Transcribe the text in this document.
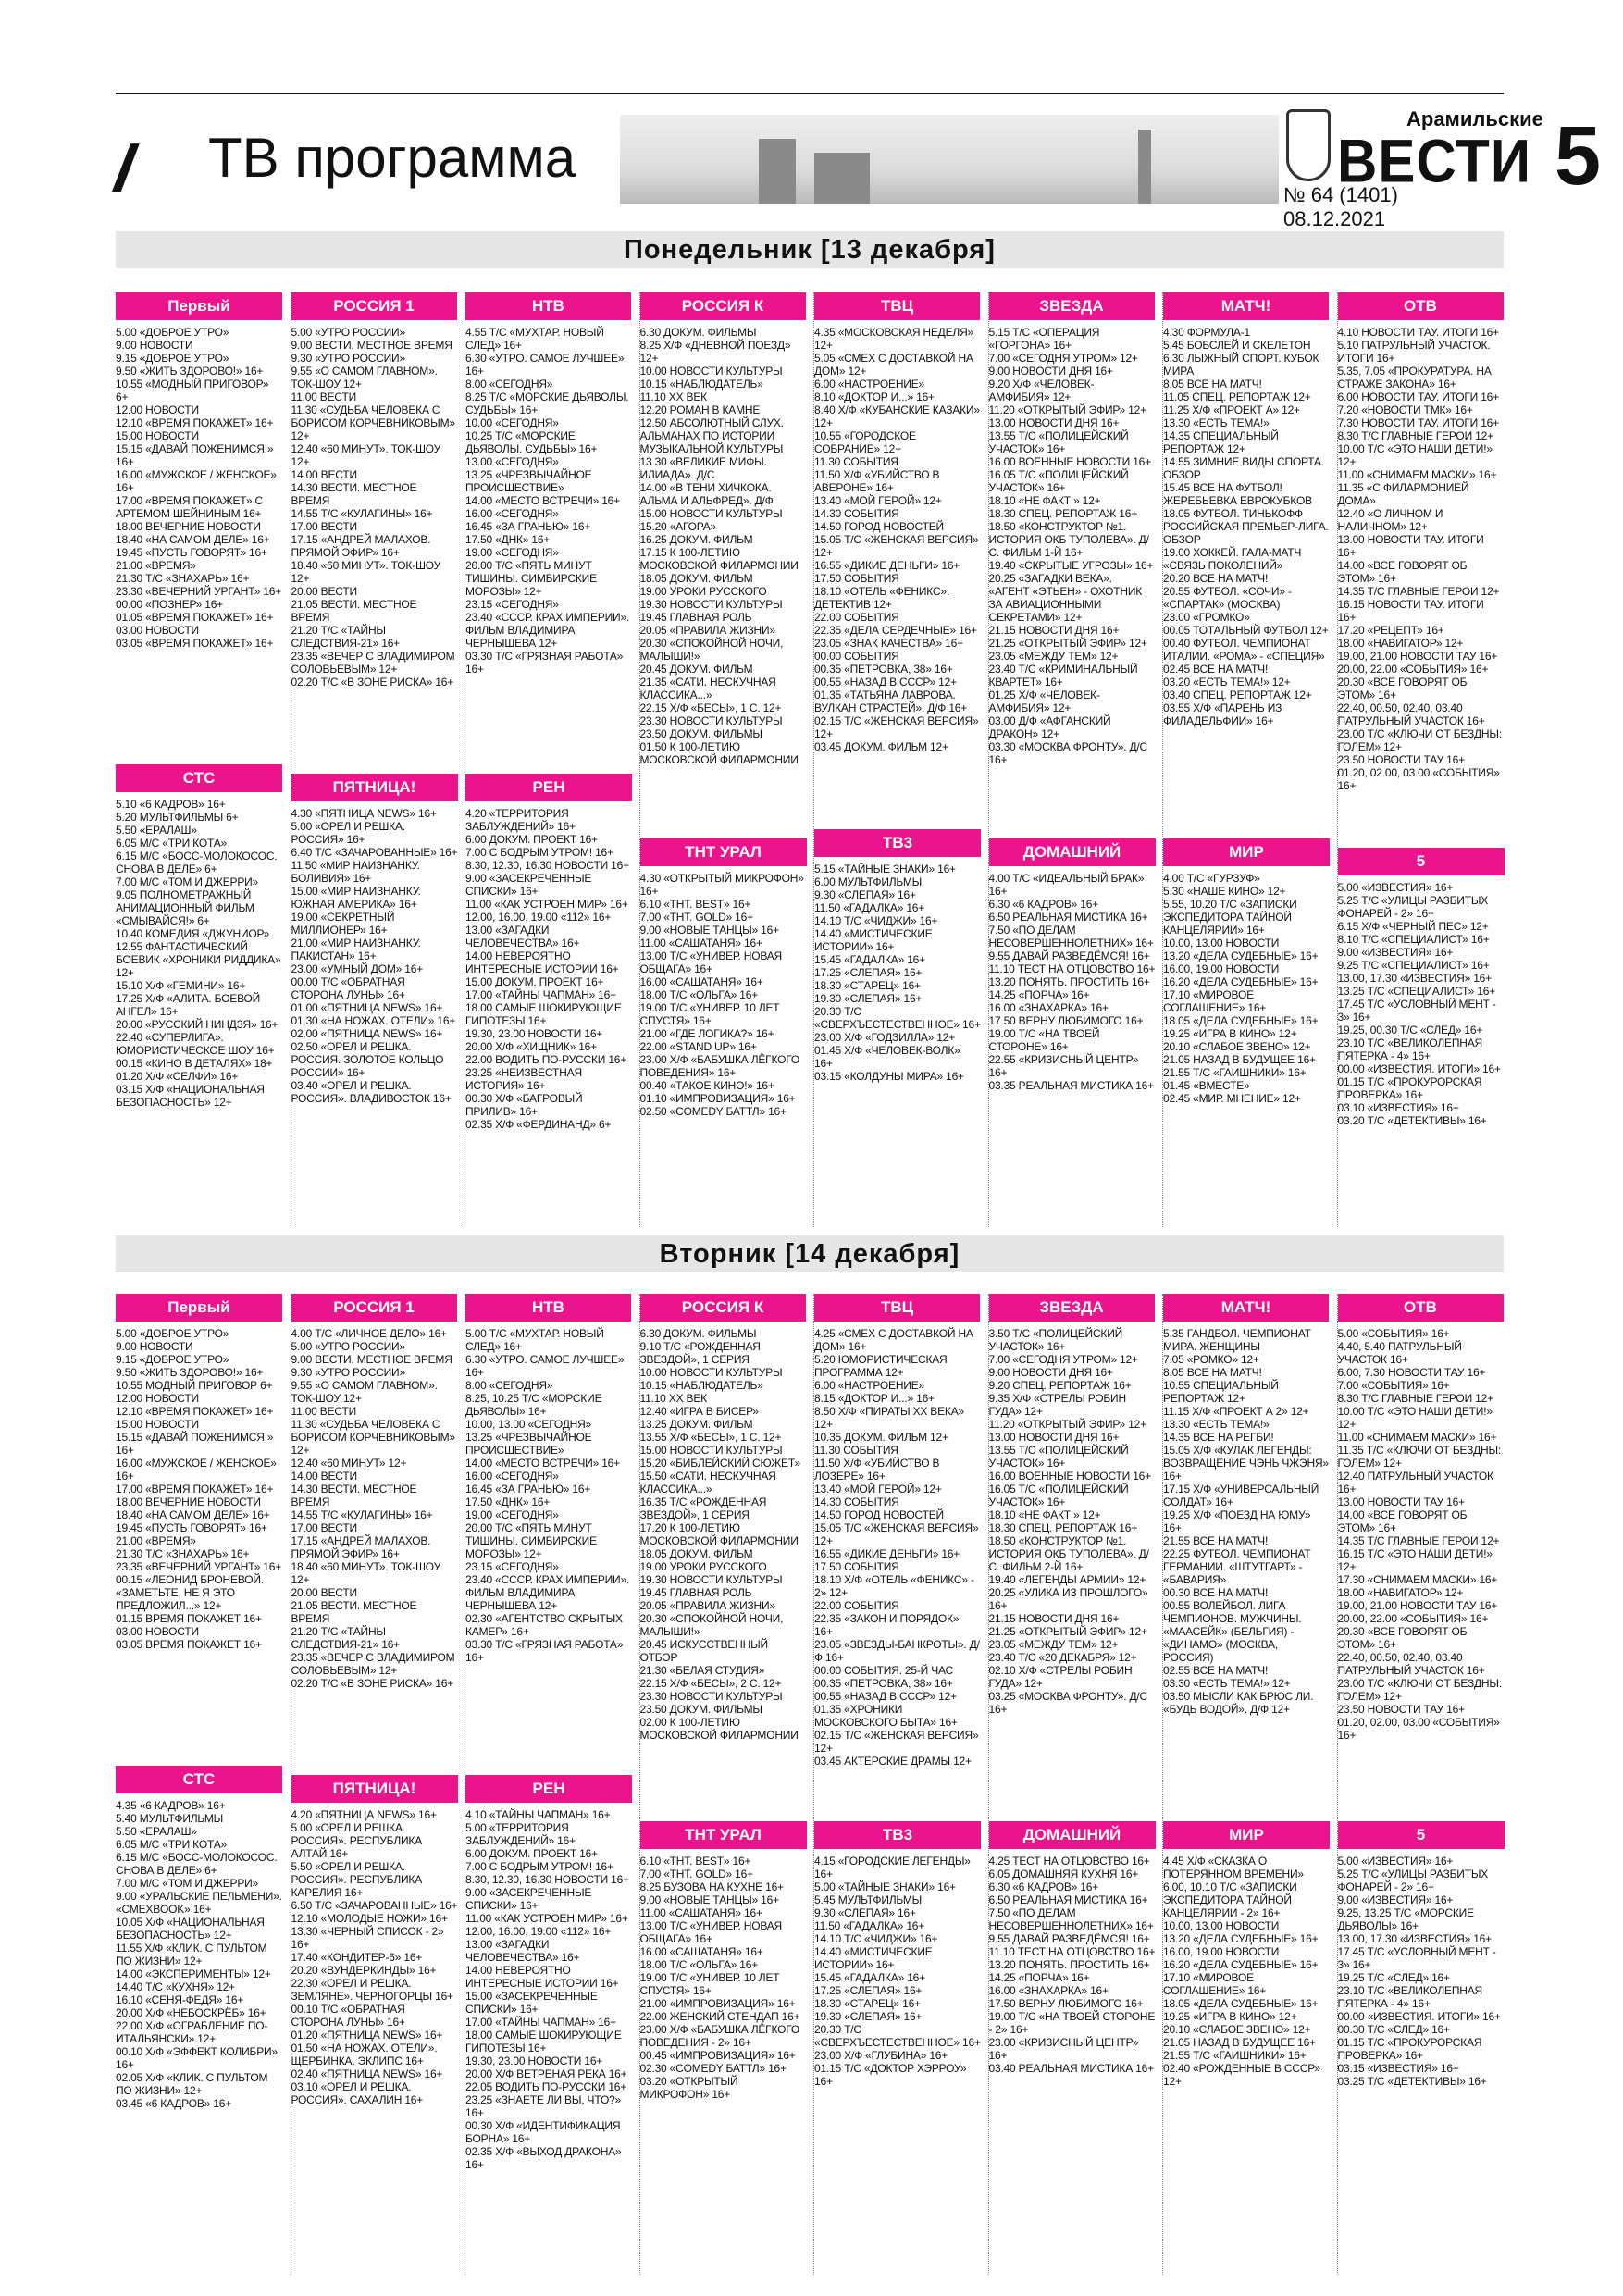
\\ ТВ программа
Арамильские
ВЕСТИ 5
№ 64 (1401) 08.12.2021
Понедельник [13 декабря]
Первый
5.00 «ДОБРОЕ УТРО»
9.00 НОВОСТИ
9.15 «ДОБРОЕ УТРО»
9.50 «ЖИТЬ ЗДОРОВО!» 16+
10.55 «МОДНЫЙ ПРИГОВОР» 6+
12.00 НОВОСТИ
12.10 «ВРЕМЯ ПОКАЖЕТ» 16+
15.00 НОВОСТИ
15.15 «ДАВАЙ ПОЖЕНИМСЯ!» 16+
16.00 «МУЖСКОЕ / ЖЕНСКОЕ» 16+
17.00 «ВРЕМЯ ПОКАЖЕТ» С АРТЕМОМ ШЕЙНИНЫМ 16+
18.00 ВЕЧЕРНИЕ НОВОСТИ
18.40 «НА САМОМ ДЕЛЕ» 16+
19.45 «ПУСТЬ ГОВОРЯТ» 16+
21.00 «ВРЕМЯ»
21.30 Т/С «ЗНАХАРЬ» 16+
23.30 «ВЕЧЕРНИЙ УРГАНТ» 16+
00.00 «ПОЗНЕР» 16+
01.05 «ВРЕМЯ ПОКАЖЕТ» 16+
03.00 НОВОСТИ
03.05 «ВРЕМЯ ПОКАЖЕТ» 16+
СТС
5.10 «6 КАДРОВ» 16+
5.20 МУЛЬТФИЛЬМЫ 6+
5.50 «ЕРАЛАШ»
6.05 М/С «ТРИ КОТА»
6.15 М/С «БОСС-МОЛОКОСОС. СНОВА В ДЕЛЕ» 6+
7.00 М/С «ТОМ И ДЖЕРРИ»
9.05 ПОЛНОМЕТРАЖНЫЙ АНИМАЦИОННЫЙ ФИЛЬМ «СМЫВАЙСЯ!» 6+
10.40 КОМЕДИЯ «ДЖУНИОР»
12.55 ФАНТАСТИЧЕСКИЙ БОЕВИК «ХРОНИКИ РИДДИКА» 12+
15.10 Х/Ф «ГЕМИНИ» 16+
17.25 Х/Ф «АЛИТА. БОЕВОЙ АНГЕЛ» 16+
20.00 «РУССКИЙ НИНДЗЯ» 16+
22.40 «СУПЕРЛИГА». ЮМОРИСТИЧЕСКОЕ ШОУ 16+
00.15 «КИНО В ДЕТАЛЯХ» 18+
01.20 Х/Ф «СЕЛФИ» 16+
03.15 Х/Ф «НАЦИОНАЛЬНАЯ БЕЗОПАСНОСТЬ» 12+
РОССИЯ 1
5.00 «УТРО РОССИИ»
9.00 ВЕСТИ. МЕСТНОЕ ВРЕМЯ
9.30 «УТРО РОССИИ»
9.55 «О САМОМ ГЛАВНОМ». ТОК-ШОУ 12+
11.00 ВЕСТИ
11.30 «СУДЬБА ЧЕЛОВЕКА С БОРИСОМ КОРЧЕВНИКОВЫМ» 12+
12.40 «60 МИНУТ». ТОК-ШОУ 12+
14.00 ВЕСТИ
14.30 ВЕСТИ. МЕСТНОЕ ВРЕМЯ
14.55 Т/С «КУЛАГИНЫ» 16+
17.00 ВЕСТИ
17.15 «АНДРЕЙ МАЛАХОВ. ПРЯМОЙ ЭФИР» 16+
18.40 «60 МИНУТ». ТОК-ШОУ 12+
20.00 ВЕСТИ
21.05 ВЕСТИ. МЕСТНОЕ ВРЕМЯ
21.20 Т/С «ТАЙНЫ СЛЕДСТВИЯ-21» 16+
23.35 «ВЕЧЕР С ВЛАДИМИРОМ СОЛОВЬЕВЫМ» 12+
02.20 Т/С «В ЗОНЕ РИСКА» 16+
ПЯТНИЦА!
4.30 «ПЯТНИЦА NEWS» 16+
5.00 «ОРЕЛ И РЕШКА. РОССИЯ» 16+
6.40 Т/С «ЗАЧАРОВАННЫЕ» 16+
11.50 «МИР НАИЗНАНКУ. БОЛИВИЯ» 16+
15.00 «МИР НАИЗНАНКУ. ЮЖНАЯ АМЕРИКА» 16+
19.00 «СЕКРЕТНЫЙ МИЛЛИОНЕР» 16+
21.00 «МИР НАИЗНАНКУ. ПАКИСТАН» 16+
23.00 «УМНЫЙ ДОМ» 16+
00.00 Т/С «ОБРАТНАЯ СТОРОНА ЛУНЫ» 16+
01.00 «ПЯТНИЦА NEWS» 16+
01.30 «НА НОЖАХ. ОТЕЛИ» 16+
02.00 «ПЯТНИЦА NEWS» 16+
02.50 «ОРЕЛ И РЕШКА. РОССИЯ. ЗОЛОТОЕ КОЛЬЦО РОССИИ» 16+
03.40 «ОРЕЛ И РЕШКА. РОССИЯ». ВЛАДИВОСТОК 16+
НТВ
4.55 Т/С «МУХТАР. НОВЫЙ СЛЕД» 16+
6.30 «УТРО. САМОЕ ЛУЧШЕЕ» 16+
8.00 «СЕГОДНЯ»
8.25 Т/С «МОРСКИЕ ДЬЯВОЛЫ. СУДЬБЫ» 16+
10.00 «СЕГОДНЯ»
10.25 Т/С «МОРСКИЕ ДЬЯВОЛЫ. СУДЬБЫ» 16+
13.00 «СЕГОДНЯ»
13.25 «ЧРЕЗВЫЧАЙНОЕ ПРОИСШЕСТВИЕ»
14.00 «МЕСТО ВСТРЕЧИ» 16+
16.00 «СЕГОДНЯ»
16.45 «ЗА ГРАНЬЮ» 16+
17.50 «ДНК» 16+
19.00 «СЕГОДНЯ»
20.00 Т/С «ПЯТЬ МИНУТ ТИШИНЫ. СИМБИРСКИЕ МОРОЗЫ» 12+
23.15 «СЕГОДНЯ»
23.40 «СССР. КРАХ ИМПЕРИИ». ФИЛЬМ ВЛАДИМИРА ЧЕРНЫШЕВА 12+
03.30 Т/С «ГРЯЗНАЯ РАБОТА» 16+
РЕН
4.20 «ТЕРРИТОРИЯ ЗАБЛУЖДЕНИЙ» 16+
6.00 ДОКУМ. ПРОЕКТ 16+
7.00 С БОДРЫМ УТРОМ! 16+
8.30, 12.30, 16.30 НОВОСТИ 16+
9.00 «ЗАСЕКРЕЧЕННЫЕ СПИСКИ» 16+
11.00 «КАК УСТРОЕН МИР» 16+
12.00, 16.00, 19.00 «112» 16+
13.00 «ЗАГАДКИ ЧЕЛОВЕЧЕСТВА» 16+
14.00 НЕВЕРОЯТНО ИНТЕРЕСНЫЕ ИСТОРИИ 16+
15.00 ДОКУМ. ПРОЕКТ 16+
17.00 «ТАЙНЫ ЧАПМАН» 16+
18.00 САМЫЕ ШОКИРУЮЩИЕ ГИПОТЕЗЫ 16+
19.30, 23.00 НОВОСТИ 16+
20.00 Х/Ф «ХИЩНИК» 16+
22.00 ВОДИТЬ ПО-РУССКИ 16+
23.25 «НЕИЗВЕСТНАЯ ИСТОРИЯ» 16+
00.30 Х/Ф «БАГРОВЫЙ ПРИЛИВ» 16+
02.35 Х/Ф «ФЕРДИНАНД» 6+
РОССИЯ К
6.30 ДОКУМ. ФИЛЬМЫ
8.25 Х/Ф «ДНЕВНОЙ ПОЕЗД» 12+
10.00 НОВОСТИ КУЛЬТУРЫ
10.15 «НАБЛЮДАТЕЛЬ»
11.10 ХХ ВЕК
12.20 РОМАН В КАМНЕ
12.50 АБСОЛЮТНЫЙ СЛУХ. АЛЬМАНАХ ПО ИСТОРИИ МУЗЫКАЛЬНОЙ КУЛЬТУРЫ
13.30 «ВЕЛИКИЕ МИФЫ. ИЛИАДА». Д/С
14.00 «В ТЕНИ ХИЧКОКА. АЛЬМА И АЛЬФРЕД». Д/Ф
15.00 НОВОСТИ КУЛЬТУРЫ
15.20 «АГОРА»
16.25 ДОКУМ. ФИЛЬМ
17.15 К 100-ЛЕТИЮ МОСКОВСКОЙ ФИЛАРМОНИИ
18.05 ДОКУМ. ФИЛЬМ
19.00 УРОКИ РУССКОГО
19.30 НОВОСТИ КУЛЬТУРЫ
19.45 ГЛАВНАЯ РОЛЬ
20.05 «ПРАВИЛА ЖИЗНИ»
20.30 «СПОКОЙНОЙ НОЧИ, МАЛЫШИ!»
20.45 ДОКУМ. ФИЛЬМ
21.35 «САТИ. НЕСКУЧНАЯ КЛАССИКА...»
22.15 Х/Ф «БЕСЫ», 1 С. 12+
23.30 НОВОСТИ КУЛЬТУРЫ
23.50 ДОКУМ. ФИЛЬМЫ
01.50 К 100-ЛЕТИЮ МОСКОВСКОЙ ФИЛАРМОНИИ
ТНТ УРАЛ
4.30 «ОТКРЫТЫЙ МИКРОФОН» 16+
6.10 «ТНТ. BEST» 16+
7.00 «ТНТ. GOLD» 16+
9.00 «НОВЫЕ ТАНЦЫ» 16+
11.00 «САШАТАНЯ» 16+
13.00 Т/С «УНИВЕР. НОВАЯ ОБЩАГА» 16+
16.00 «САШАТАНЯ» 16+
18.00 Т/С «ОЛЬГА» 16+
19.00 Т/С «УНИВЕР. 10 ЛЕТ СПУСТЯ» 16+
21.00 «ГДЕ ЛОГИКА?» 16+
22.00 «STAND UP» 16+
23.00 Х/Ф «БАБУШКА ЛЁГКОГО ПОВЕДЕНИЯ» 16+
00.40 «ТАКОЕ КИНО!» 16+
01.10 «ИМПРОВИЗАЦИЯ» 16+
02.50 «COMEDY БАТТЛ» 16+
ТВЦ
4.35 «МОСКОВСКАЯ НЕДЕЛЯ» 12+
5.05 «СМЕХ С ДОСТАВКОЙ НА ДОМ» 12+
6.00 «НАСТРОЕНИЕ»
8.10 «ДОКТОР И...» 16+
8.40 Х/Ф «КУБАНСКИЕ КАЗАКИ» 12+
10.55 «ГОРОДСКОЕ СОБРАНИЕ» 12+
11.30 СОБЫТИЯ
11.50 Х/Ф «УБИЙСТВО В АВЕРОНЕ» 16+
13.40 «МОЙ ГЕРОЙ» 12+
14.30 СОБЫТИЯ
14.50 ГОРОД НОВОСТЕЙ
15.05 Т/С «ЖЕНСКАЯ ВЕРСИЯ» 12+
16.55 «ДИКИЕ ДЕНЬГИ» 16+
17.50 СОБЫТИЯ
18.10 «ОТЕЛЬ «ФЕНИКС». ДЕТЕКТИВ 12+
22.00 СОБЫТИЯ
22.35 «ДЕЛА СЕРДЕЧНЫЕ» 16+
23.05 «ЗНАК КАЧЕСТВА» 16+
00.00 СОБЫТИЯ
00.35 «ПЕТРОВКА, 38» 16+
00.55 «НАЗАД В СССР» 12+
01.35 «ТАТЬЯНА ЛАВРОВА. ВУЛКАН СТРАСТЕЙ». Д/Ф 16+
02.15 Т/С «ЖЕНСКАЯ ВЕРСИЯ» 12+
03.45 ДОКУМ. ФИЛЬМ 12+
ТВ3
5.15 «ТАЙНЫЕ ЗНАКИ» 16+
6.00 МУЛЬТФИЛЬМЫ
9.30 «СЛЕПАЯ» 16+
11.50 «ГАДАЛКА» 16+
14.10 Т/С «ЧИДЖИ» 16+
14.40 «МИСТИЧЕСКИЕ ИСТОРИИ» 16+
15.45 «ГАДАЛКА» 16+
17.25 «СЛЕПАЯ» 16+
18.30 «СТАРЕЦ» 16+
19.30 «СЛЕПАЯ» 16+
20.30 Т/С «СВЕРХЪЕСТЕСТВЕННОЕ» 16+
23.00 Х/Ф «ГОДЗИЛЛА» 12+
01.45 Х/Ф «ЧЕЛОВЕК-ВОЛК» 16+
03.15 «КОЛДУНЫ МИРА» 16+
ЗВЕЗДА
5.15 Т/С «ОПЕРАЦИЯ «ГОРГОНА» 16+
7.00 «СЕГОДНЯ УТРОМ» 12+
9.00 НОВОСТИ ДНЯ 16+
9.20 Х/Ф «ЧЕЛОВЕК-АМФИБИЯ» 12+
11.20 «ОТКРЫТЫЙ ЭФИР» 12+
13.00 НОВОСТИ ДНЯ 16+
13.55 Т/С «ПОЛИЦЕЙСКИЙ УЧАСТОК» 16+
16.00 ВОЕННЫЕ НОВОСТИ 16+
16.05 Т/С «ПОЛИЦЕЙСКИЙ УЧАСТОК» 16+
18.10 «НЕ ФАКТ!» 12+
18.30 СПЕЦ. РЕПОРТАЖ 16+
18.50 «КОНСТРУКТОР №1. ИСТОРИЯ ОКБ ТУПОЛЕВА». Д/С. ФИЛЬМ 1-Й 16+
19.40 «СКРЫТЫЕ УГРОЗЫ» 16+
20.25 «ЗАГАДКИ ВЕКА». «АГЕНТ «ЭТЬЕН» - ОХОТНИК ЗА АВИАЦИОННЫМИ СЕКРЕТАМИ» 12+
21.15 НОВОСТИ ДНЯ 16+
21.25 «ОТКРЫТЫЙ ЭФИР» 12+
23.05 «МЕЖДУ ТЕМ» 12+
23.40 Т/С «КРИМИНАЛЬНЫЙ КВАРТЕТ» 16+
01.25 Х/Ф «ЧЕЛОВЕК-АМФИБИЯ» 12+
03.00 Д/Ф «АФГАНСКИЙ ДРАКОН» 12+
03.30 «МОСКВА ФРОНТУ». Д/С 16+
ДОМАШНИЙ
4.00 Т/С «ИДЕАЛЬНЫЙ БРАК» 16+
6.30 «6 КАДРОВ» 16+
6.50 РЕАЛЬНАЯ МИСТИКА 16+
7.50 «ПО ДЕЛАМ НЕСОВЕРШЕННОЛЕТНИХ» 16+
9.55 ДАВАЙ РАЗВЕДЁМСЯ! 16+
11.10 ТЕСТ НА ОТЦОВСТВО 16+
13.20 ПОНЯТЬ. ПРОСТИТЬ 16+
14.25 «ПОРЧА» 16+
16.00 «ЗНАХАРКА» 16+
17.50 ВЕРНУ ЛЮБИМОГО 16+
19.00 Т/С «НА ТВОЕЙ СТОРОНЕ» 16+
22.55 «КРИЗИСНЫЙ ЦЕНТР» 16+
03.35 РЕАЛЬНАЯ МИСТИКА 16+
МАТЧ!
4.30 ФОРМУЛА-1
5.45 БОБСЛЕЙ И СКЕЛЕТОН
6.30 ЛЫЖНЫЙ СПОРТ. КУБОК МИРА
8.05 ВСЕ НА МАТЧ!
11.05 СПЕЦ. РЕПОРТАЖ 12+
11.25 Х/Ф «ПРОЕКТ А» 12+
13.30 «ЕСТЬ ТЕМА!»
14.35 СПЕЦИАЛЬНЫЙ РЕПОРТАЖ 12+
14.55 ЗИМНИЕ ВИДЫ СПОРТА. ОБЗОР
15.45 ВСЕ НА ФУТБОЛ! ЖЕРЕБЬЕВКА ЕВРОКУБКОВ
18.05 ФУТБОЛ. ТИНЬКОФФ РОССИЙСКАЯ ПРЕМЬЕР-ЛИГА. ОБЗОР
19.00 ХОККЕЙ. ГАЛА-МАТЧ «СВЯЗЬ ПОКОЛЕНИЙ»
20.20 ВСЕ НА МАТЧ!
20.55 ФУТБОЛ. «СОЧИ» - «СПАРТАК» (МОСКВА)
23.00 «ГРОМКО»
00.05 ТОТАЛЬНЫЙ ФУТБОЛ 12+
00.40 ФУТБОЛ. ЧЕМПИОНАТ ИТАЛИИ. «РОМА» - «СПЕЦИЯ»
02.45 ВСЕ НА МАТЧ!
03.20 «ЕСТЬ ТЕМА!» 12+
03.40 СПЕЦ. РЕПОРТАЖ 12+
03.55 Х/Ф «ПАРЕНЬ ИЗ ФИЛАДЕЛЬФИИ» 16+
МИР
4.00 Т/С «ГУРЗУФ»
5.30 «НАШЕ КИНО» 12+
5.55, 10.20 Т/С «ЗАПИСКИ ЭКСПЕДИТОРА ТАЙНОЙ КАНЦЕЛЯРИИ» 16+
10.00, 13.00 НОВОСТИ
13.20 «ДЕЛА СУДЕБНЫЕ» 16+
16.00, 19.00 НОВОСТИ
16.20 «ДЕЛА СУДЕБНЫЕ» 16+
17.10 «МИРОВОЕ СОГЛАШЕНИЕ» 16+
18.05 «ДЕЛА СУДЕБНЫЕ» 16+
19.25 «ИГРА В КИНО» 12+
20.10 «СЛАБОЕ ЗВЕНО» 12+
21.05 НАЗАД В БУДУЩЕЕ 16+
21.55 Т/С «ГАИШНИКИ» 16+
01.45 «ВМЕСТЕ»
02.45 «МИР. МНЕНИЕ» 12+
ОТВ
4.10 НОВОСТИ ТАУ. ИТОГИ 16+
5.10 ПАТРУЛЬНЫЙ УЧАСТОК. ИТОГИ 16+
5.35, 7.05 «ПРОКУРАТУРА. НА СТРАЖЕ ЗАКОНА» 16+
6.00 НОВОСТИ ТАУ. ИТОГИ 16+
7.20 «НОВОСТИ ТМК» 16+
7.30 НОВОСТИ ТАУ. ИТОГИ 16+
8.30 Т/С ГЛАВНЫЕ ГЕРОИ 12+
10.00 Т/С «ЭТО НАШИ ДЕТИ!» 12+
11.00 «СНИМАЕМ МАСКИ» 16+
11.35 «С ФИЛАРМОНИЕЙ ДОМА»
12.40 «О ЛИЧНОМ И НАЛИЧНОМ» 12+
13.00 НОВОСТИ ТАУ. ИТОГИ 16+
14.00 «ВСЕ ГОВОРЯТ ОБ ЭТОМ» 16+
14.35 Т/С ГЛАВНЫЕ ГЕРОИ 12+
16.15 НОВОСТИ ТАУ. ИТОГИ 16+
17.20 «РЕЦЕПТ» 16+
18.00 «НАВИГАТОР» 12+
19.00, 21.00 НОВОСТИ ТАУ 16+
20.00, 22.00 «СОБЫТИЯ» 16+
20.30 «ВСЕ ГОВОРЯТ ОБ ЭТОМ» 16+
22.40, 00.50, 02.40, 03.40 ПАТРУЛЬНЫЙ УЧАСТОК 16+
23.00 Т/С «КЛЮЧИ ОТ БЕЗДНЫ: ГОЛЕМ» 12+
23.50 НОВОСТИ ТАУ 16+
01.20, 02.00, 03.00 «СОБЫТИЯ» 16+
5
5.00 «ИЗВЕСТИЯ» 16+
5.25 Т/С «УЛИЦЫ РАЗБИТЫХ ФОНАРЕЙ - 2» 16+
6.15 Х/Ф «ЧЕРНЫЙ ПЕС» 12+
8.10 Т/С «СПЕЦИАЛИСТ» 16+
9.00 «ИЗВЕСТИЯ» 16+
9.25 Т/С «СПЕЦИАЛИСТ» 16+
13.00, 17.30 «ИЗВЕСТИЯ» 16+
13.25 Т/С «СПЕЦИАЛИСТ» 16+
17.45 Т/С «УСЛОВНЫЙ МЕНТ - 3» 16+
19.25, 00.30 Т/С «СЛЕД» 16+
23.10 Т/С «ВЕЛИКОЛЕПНАЯ ПЯТЕРКА - 4» 16+
00.00 «ИЗВЕСТИЯ. ИТОГИ» 16+
01.15 Т/С «ПРОКУРОРСКАЯ ПРОВЕРКА» 16+
03.10 «ИЗВЕСТИЯ» 16+
03.20 Т/С «ДЕТЕКТИВЫ» 16+
Вторник [14 декабря]
Первый
5.00 «ДОБРОЕ УТРО»
9.00 НОВОСТИ
9.15 «ДОБРОЕ УТРО»
9.50 «ЖИТЬ ЗДОРОВО!» 16+
10.55 МОДНЫЙ ПРИГОВОР 6+
12.00 НОВОСТИ
12.10 «ВРЕМЯ ПОКАЖЕТ» 16+
15.00 НОВОСТИ
15.15 «ДАВАЙ ПОЖЕНИМСЯ!» 16+
16.00 «МУЖСКОЕ / ЖЕНСКОЕ» 16+
17.00 «ВРЕМЯ ПОКАЖЕТ» 16+
18.00 ВЕЧЕРНИЕ НОВОСТИ
18.40 «НА САМОМ ДЕЛЕ» 16+
19.45 «ПУСТЬ ГОВОРЯТ» 16+
21.00 «ВРЕМЯ»
21.30 Т/С «ЗНАХАРЬ» 16+
23.35 «ВЕЧЕРНИЙ УРГАНТ» 16+
00.15 «ЛЕОНИД БРОНЕВОЙ. «ЗАМЕТЬТЕ, НЕ Я ЭТО ПРЕДЛОЖИЛ...» 12+
01.15 ВРЕМЯ ПОКАЖЕТ 16+
03.00 НОВОСТИ
03.05 ВРЕМЯ ПОКАЖЕТ 16+
СТС
4.35 «6 КАДРОВ» 16+
5.40 МУЛЬТФИЛЬМЫ
5.50 «ЕРАЛАШ»
6.05 М/С «ТРИ КОТА»
6.15 М/С «БОСС-МОЛОКОСОС. СНОВА В ДЕЛЕ» 6+
7.00 М/С «ТОМ И ДЖЕРРИ»
9.00 «УРАЛЬСКИЕ ПЕЛЬМЕНИ». «СМЕХBOOK» 16+
10.05 Х/Ф «НАЦИОНАЛЬНАЯ БЕЗОПАСНОСТЬ» 12+
11.55 Х/Ф «КЛИК. С ПУЛЬТОМ ПО ЖИЗНИ» 12+
14.00 «ЭКСПЕРИМЕНТЫ» 12+
14.40 Т/С «КУХНЯ» 12+
16.10 «СЕНЯ-ФЕДЯ» 16+
20.00 Х/Ф «НЕБОСКРЁБ» 16+
22.00 Х/Ф «ОГРАБЛЕНИЕ ПО-ИТАЛЬЯНСКИ» 12+
00.10 Х/Ф «ЭФФЕКТ КОЛИБРИ» 16+
02.05 Х/Ф «КЛИК. С ПУЛЬТОМ ПО ЖИЗНИ» 12+
03.45 «6 КАДРОВ» 16+
РОССИЯ 1
4.00 Т/С «ЛИЧНОЕ ДЕЛО» 16+
5.00 «УТРО РОССИИ»
9.00 ВЕСТИ. МЕСТНОЕ ВРЕМЯ
9.30 «УТРО РОССИИ»
9.55 «О САМОМ ГЛАВНОМ». ТОК-ШОУ 12+
11.00 ВЕСТИ
11.30 «СУДЬБА ЧЕЛОВЕКА С БОРИСОМ КОРЧЕВНИКОВЫМ» 12+
12.40 «60 МИНУТ» 12+
14.00 ВЕСТИ
14.30 ВЕСТИ. МЕСТНОЕ ВРЕМЯ
14.55 Т/С «КУЛАГИНЫ» 16+
17.00 ВЕСТИ
17.15 «АНДРЕЙ МАЛАХОВ. ПРЯМОЙ ЭФИР» 16+
18.40 «60 МИНУТ». ТОК-ШОУ 12+
20.00 ВЕСТИ
21.05 ВЕСТИ. МЕСТНОЕ ВРЕМЯ
21.20 Т/С «ТАЙНЫ СЛЕДСТВИЯ-21» 16+
23.35 «ВЕЧЕР С ВЛАДИМИРОМ СОЛОВЬЕВЫМ» 12+
02.20 Т/С «В ЗОНЕ РИСКА» 16+
ПЯТНИЦА!
4.20 «ПЯТНИЦА NEWS» 16+
5.00 «ОРЕЛ И РЕШКА. РОССИЯ». РЕСПУБЛИКА АЛТАЙ 16+
5.50 «ОРЕЛ И РЕШКА. РОССИЯ». РЕСПУБЛИКА КАРЕЛИЯ 16+
6.50 Т/С «ЗАЧАРОВАННЫЕ» 16+
12.10 «МОЛОДЫЕ НОЖИ» 16+
13.30 «ЧЕРНЫЙ СПИСОК - 2» 16+
17.40 «КОНДИТЕР-6» 16+
20.20 «ВУНДЕРКИНДЫ» 16+
22.30 «ОРЕЛ И РЕШКА. ЗЕМЛЯНЕ». ЧЕРНОГОРЦЫ 16+
00.10 Т/С «ОБРАТНАЯ СТОРОНА ЛУНЫ» 16+
01.20 «ПЯТНИЦА NEWS» 16+
01.50 «НА НОЖАХ. ОТЕЛИ». ЩЕРБИНКА. ЭКЛИПС 16+
02.40 «ПЯТНИЦА NEWS» 16+
03.10 «ОРЕЛ И РЕШКА. РОССИЯ». САХАЛИН 16+
НТВ
5.00 Т/С «МУХТАР. НОВЫЙ СЛЕД» 16+
6.30 «УТРО. САМОЕ ЛУЧШЕЕ» 16+
8.00 «СЕГОДНЯ»
8.25, 10.25 Т/С «МОРСКИЕ ДЬЯВОЛЫ» 16+
10.00, 13.00 «СЕГОДНЯ»
13.25 «ЧРЕЗВЫЧАЙНОЕ ПРОИСШЕСТВИЕ»
14.00 «МЕСТО ВСТРЕЧИ» 16+
16.00 «СЕГОДНЯ»
16.45 «ЗА ГРАНЬЮ» 16+
17.50 «ДНК» 16+
19.00 «СЕГОДНЯ»
20.00 Т/С «ПЯТЬ МИНУТ ТИШИНЫ. СИМБИРСКИЕ МОРОЗЫ» 12+
23.15 «СЕГОДНЯ»
23.40 «СССР. КРАХ ИМПЕРИИ». ФИЛЬМ ВЛАДИМИРА ЧЕРНЫШЕВА 12+
02.30 «АГЕНТСТВО СКРЫТЫХ КАМЕР» 16+
03.30 Т/С «ГРЯЗНАЯ РАБОТА» 16+
РЕН
4.10 «ТАЙНЫ ЧАПМАН» 16+
5.00 «ТЕРРИТОРИЯ ЗАБЛУЖДЕНИЙ» 16+
6.00 ДОКУМ. ПРОЕКТ 16+
7.00 С БОДРЫМ УТРОМ! 16+
8.30, 12.30, 16.30 НОВОСТИ 16+
9.00 «ЗАСЕКРЕЧЕННЫЕ СПИСКИ» 16+
11.00 «КАК УСТРОЕН МИР» 16+
12.00, 16.00, 19.00 «112» 16+
13.00 «ЗАГАДКИ ЧЕЛОВЕЧЕСТВА» 16+
14.00 НЕВЕРОЯТНО ИНТЕРЕСНЫЕ ИСТОРИИ 16+
15.00 «ЗАСЕКРЕЧЕННЫЕ СПИСКИ» 16+
17.00 «ТАЙНЫ ЧАПМАН» 16+
18.00 САМЫЕ ШОКИРУЮЩИЕ ГИПОТЕЗЫ 16+
19.30, 23.00 НОВОСТИ 16+
20.00 Х/Ф ВЕТРЕНАЯ РЕКА 16+
22.05 ВОДИТЬ ПО-РУССКИ 16+
23.25 «ЗНАЕТЕ ЛИ ВЫ, ЧТО?» 16+
00.30 Х/Ф «ИДЕНТИФИКАЦИЯ БОРНА» 16+
02.35 Х/Ф «ВЫХОД ДРАКОНА» 16+
РОССИЯ К
6.30 ДОКУМ. ФИЛЬМЫ
9.10 Т/С «РОЖДЕННАЯ ЗВЕЗДОЙ», 1 СЕРИЯ
10.00 НОВОСТИ КУЛЬТУРЫ
10.15 «НАБЛЮДАТЕЛЬ»
11.10 ХХ ВЕК
12.40 «ИГРА В БИСЕР»
13.25 ДОКУМ. ФИЛЬМ
13.55 Х/Ф «БЕСЫ», 1 С. 12+
15.00 НОВОСТИ КУЛЬТУРЫ
15.20 «БИБЛЕЙСКИЙ СЮЖЕТ»
15.50 «САТИ. НЕСКУЧНАЯ КЛАССИКА...»
16.35 Т/С «РОЖДЕННАЯ ЗВЕЗДОЙ», 1 СЕРИЯ
17.20 К 100-ЛЕТИЮ МОСКОВСКОЙ ФИЛАРМОНИИ
18.05 ДОКУМ. ФИЛЬМ
19.00 УРОКИ РУССКОГО
19.30 НОВОСТИ КУЛЬТУРЫ
19.45 ГЛАВНАЯ РОЛЬ
20.05 «ПРАВИЛА ЖИЗНИ»
20.30 «СПОКОЙНОЙ НОЧИ, МАЛЫШИ!»
20.45 ИСКУССТВЕННЫЙ ОТБОР
21.30 «БЕЛАЯ СТУДИЯ»
22.15 Х/Ф «БЕСЫ», 2 С. 12+
23.30 НОВОСТИ КУЛЬТУРЫ
23.50 ДОКУМ. ФИЛЬМЫ
02.00 К 100-ЛЕТИЮ МОСКОВСКОЙ ФИЛАРМОНИИ
ТНТ УРАЛ
6.10 «ТНТ. BEST» 16+
7.00 «ТНТ. GOLD» 16+
8.25 БУЗОВА НА КУХНЕ 16+
9.00 «НОВЫЕ ТАНЦЫ» 16+
11.00 «САШАТАНЯ» 16+
13.00 Т/С «УНИВЕР. НОВАЯ ОБЩАГА» 16+
16.00 «САШАТАНЯ» 16+
18.00 Т/С «ОЛЬГА» 16+
19.00 Т/С «УНИВЕР. 10 ЛЕТ СПУСТЯ» 16+
21.00 «ИМПРОВИЗАЦИЯ» 16+
22.00 ЖЕНСКИЙ СТЕНДАП 16+
23.00 Х/Ф «БАБУШКА ЛЁГКОГО ПОВЕДЕНИЯ - 2» 16+
00.45 «ИМПРОВИЗАЦИЯ» 16+
02.30 «COMEDY БАТТЛ» 16+
03.20 «ОТКРЫТЫЙ МИКРОФОН» 16+
ТВЦ
4.25 «СМЕХ С ДОСТАВКОЙ НА ДОМ» 16+
5.20 ЮМОРИСТИЧЕСКАЯ ПРОГРАММА 12+
6.00 «НАСТРОЕНИЕ»
8.15 «ДОКТОР И...» 16+
8.50 Х/Ф «ПИРАТЫ XX ВЕКА» 12+
10.35 ДОКУМ. ФИЛЬМ 12+
11.30 СОБЫТИЯ
11.50 Х/Ф «УБИЙСТВО В ЛОЗЕРЕ» 16+
13.40 «МОЙ ГЕРОЙ» 12+
14.30 СОБЫТИЯ
14.50 ГОРОД НОВОСТЕЙ
15.05 Т/С «ЖЕНСКАЯ ВЕРСИЯ» 12+
16.55 «ДИКИЕ ДЕНЬГИ» 16+
17.50 СОБЫТИЯ
18.10 Х/Ф «ОТЕЛЬ «ФЕНИКС» - 2» 12+
22.00 СОБЫТИЯ
22.35 «ЗАКОН И ПОРЯДОК» 16+
23.05 «ЗВЕЗДЫ-БАНКРОТЫ». Д/Ф 16+
00.00 СОБЫТИЯ. 25-Й ЧАС
00.35 «ПЕТРОВКА, 38» 16+
00.55 «НАЗАД В СССР» 12+
01.35 «ХРОНИКИ МОСКОВСКОГО БЫТА» 16+
02.15 Т/С «ЖЕНСКАЯ ВЕРСИЯ» 12+
03.45 АКТЁРСКИЕ ДРАМЫ 12+
ТВ3
4.15 «ГОРОДСКИЕ ЛЕГЕНДЫ» 16+
5.00 «ТАЙНЫЕ ЗНАКИ» 16+
5.45 МУЛЬТФИЛЬМЫ
9.30 «СЛЕПАЯ» 16+
11.50 «ГАДАЛКА» 16+
14.10 Т/С «ЧИДЖИ» 16+
14.40 «МИСТИЧЕСКИЕ ИСТОРИИ» 16+
15.45 «ГАДАЛКА» 16+
17.25 «СЛЕПАЯ» 16+
18.30 «СТАРЕЦ» 16+
19.30 «СЛЕПАЯ» 16+
20.30 Т/С «СВЕРХЪЕСТЕСТВЕННОЕ» 16+
23.00 Х/Ф «ГЛУБИНА» 16+
01.15 Т/С «ДОКТОР ХЭРРОУ» 16+
ЗВЕЗДА
3.50 Т/С «ПОЛИЦЕЙСКИЙ УЧАСТОК» 16+
7.00 «СЕГОДНЯ УТРОМ» 12+
9.00 НОВОСТИ ДНЯ 16+
9.20 СПЕЦ. РЕПОРТАЖ 16+
9.35 Х/Ф «СТРЕЛЫ РОБИН ГУДА» 12+
11.20 «ОТКРЫТЫЙ ЭФИР» 12+
13.00 НОВОСТИ ДНЯ 16+
13.55 Т/С «ПОЛИЦЕЙСКИЙ УЧАСТОК» 16+
16.00 ВОЕННЫЕ НОВОСТИ 16+
16.05 Т/С «ПОЛИЦЕЙСКИЙ УЧАСТОК» 16+
18.10 «НЕ ФАКТ!» 12+
18.30 СПЕЦ. РЕПОРТАЖ 16+
18.50 «КОНСТРУКТОР №1. ИСТОРИЯ ОКБ ТУПОЛЕВА». Д/С. ФИЛЬМ 2-Й 16+
19.40 «ЛЕГЕНДЫ АРМИИ» 12+
20.25 «УЛИКА ИЗ ПРОШЛОГО» 16+
21.15 НОВОСТИ ДНЯ 16+
21.25 «ОТКРЫТЫЙ ЭФИР» 12+
23.05 «МЕЖДУ ТЕМ» 12+
23.40 Т/С «20 ДЕКАБРЯ» 12+
02.10 Х/Ф «СТРЕЛЫ РОБИН ГУДА» 12+
03.25 «МОСКВА ФРОНТУ». Д/С 16+
ДОМАШНИЙ
4.25 ТЕСТ НА ОТЦОВСТВО 16+
6.05 ДОМАШНЯЯ КУХНЯ 16+
6.30 «6 КАДРОВ» 16+
6.50 РЕАЛЬНАЯ МИСТИКА 16+
7.50 «ПО ДЕЛАМ НЕСОВЕРШЕННОЛЕТНИХ» 16+
9.55 ДАВАЙ РАЗВЕДЁМСЯ! 16+
11.10 ТЕСТ НА ОТЦОВСТВО 16+
13.20 ПОНЯТЬ. ПРОСТИТЬ 16+
14.25 «ПОРЧА» 16+
16.00 «ЗНАХАРКА» 16+
17.50 ВЕРНУ ЛЮБИМОГО 16+
19.00 Т/С «НА ТВОЕЙ СТОРОНЕ - 2» 16+
23.00 «КРИЗИСНЫЙ ЦЕНТР» 16+
03.40 РЕАЛЬНАЯ МИСТИКА 16+
МАТЧ!
5.35 ГАНДБОЛ. ЧЕМПИОНАТ МИРА. ЖЕНЩИНЫ
7.05 «РОМКО» 12+
8.05 ВСЕ НА МАТЧ!
10.55 СПЕЦИАЛЬНЫЙ РЕПОРТАЖ 12+
11.15 Х/Ф «ПРОЕКТ А 2» 12+
13.30 «ЕСТЬ ТЕМА!»
14.35 ВСЕ НА РЕГБИ!
15.05 Х/Ф «КУЛАК ЛЕГЕНДЫ: ВОЗВРАЩЕНИЕ ЧЭНЬ ЧЖЭНЯ» 16+
17.15 Х/Ф «УНИВЕРСАЛЬНЫЙ СОЛДАТ» 16+
19.25 Х/Ф «ПОЕЗД НА ЮМУ» 16+
21.55 ВСЕ НА МАТЧ!
22.25 ФУТБОЛ. ЧЕМПИОНАТ ГЕРМАНИИ. «ШТУТГАРТ» - «БАВАРИЯ»
00.30 ВСЕ НА МАТЧ!
00.55 ВОЛЕЙБОЛ. ЛИГА ЧЕМПИОНОВ. МУЖЧИНЫ. «МААСЕЙК» (БЕЛЬГИЯ) - «ДИНАМО» (МОСКВА, РОССИЯ)
02.55 ВСЕ НА МАТЧ!
03.30 «ЕСТЬ ТЕМА!» 12+
03.50 МЫСЛИ КАК БРЮС ЛИ. «БУДЬ ВОДОЙ». Д/Ф 12+
МИР
4.45 Х/Ф «СКАЗКА О ПОТЕРЯННОМ ВРЕМЕНИ»
6.00, 10.10 Т/С «ЗАПИСКИ ЭКСПЕДИТОРА ТАЙНОЙ КАНЦЕЛЯРИИ - 2» 16+
10.00, 13.00 НОВОСТИ
13.20 «ДЕЛА СУДЕБНЫЕ» 16+
16.00, 19.00 НОВОСТИ
16.20 «ДЕЛА СУДЕБНЫЕ» 16+
17.10 «МИРОВОЕ СОГЛАШЕНИЕ» 16+
18.05 «ДЕЛА СУДЕБНЫЕ» 16+
19.25 «ИГРА В КИНО» 12+
20.10 «СЛАБОЕ ЗВЕНО» 12+
21.05 НАЗАД В БУДУЩЕЕ 16+
21.55 Т/С «ГАИШНИКИ» 16+
02.40 «РОЖДЕННЫЕ В СССР» 12+
ОТВ
5.00 «СОБЫТИЯ» 16+
4.40, 5.40 ПАТРУЛЬНЫЙ УЧАСТОК 16+
6.00, 7.30 НОВОСТИ ТАУ 16+
7.00 «СОБЫТИЯ» 16+
8.30 Т/С ГЛАВНЫЕ ГЕРОИ 12+
10.00 Т/С «ЭТО НАШИ ДЕТИ!» 12+
11.00 «СНИМАЕМ МАСКИ» 16+
11.35 Т/С «КЛЮЧИ ОТ БЕЗДНЫ: ГОЛЕМ» 12+
12.40 ПАТРУЛЬНЫЙ УЧАСТОК 16+
13.00 НОВОСТИ ТАУ 16+
14.00 «ВСЕ ГОВОРЯТ ОБ ЭТОМ» 16+
14.35 Т/С ГЛАВНЫЕ ГЕРОИ 12+
16.15 Т/С «ЭТО НАШИ ДЕТИ!» 12+
17.30 «СНИМАЕМ МАСКИ» 16+
18.00 «НАВИГАТОР» 12+
19.00, 21.00 НОВОСТИ ТАУ 16+
20.00, 22.00 «СОБЫТИЯ» 16+
20.30 «ВСЕ ГОВОРЯТ ОБ ЭТОМ» 16+
22.40, 00.50, 02.40, 03.40 ПАТРУЛЬНЫЙ УЧАСТОК 16+
23.00 Т/С «КЛЮЧИ ОТ БЕЗДНЫ: ГОЛЕМ» 12+
23.50 НОВОСТИ ТАУ 16+
01.20, 02.00, 03.00 «СОБЫТИЯ» 16+
5
5.00 «ИЗВЕСТИЯ» 16+
5.25 Т/С «УЛИЦЫ РАЗБИТЫХ ФОНАРЕЙ - 2» 16+
9.00 «ИЗВЕСТИЯ» 16+
9.25, 13.25 Т/С «МОРСКИЕ ДЬЯВОЛЫ» 16+
13.00, 17.30 «ИЗВЕСТИЯ» 16+
17.45 Т/С «УСЛОВНЫЙ МЕНТ - 3» 16+
19.25 Т/С «СЛЕД» 16+
23.10 Т/С «ВЕЛИКОЛЕПНАЯ ПЯТЕРКА - 4» 16+
00.00 «ИЗВЕСТИЯ. ИТОГИ» 16+
00.30 Т/С «СЛЕД» 16+
01.15 Т/С «ПРОКУРОРСКАЯ ПРОВЕРКА» 16+
03.15 «ИЗВЕСТИЯ» 16+
03.25 Т/С «ДЕТЕКТИВЫ» 16+
